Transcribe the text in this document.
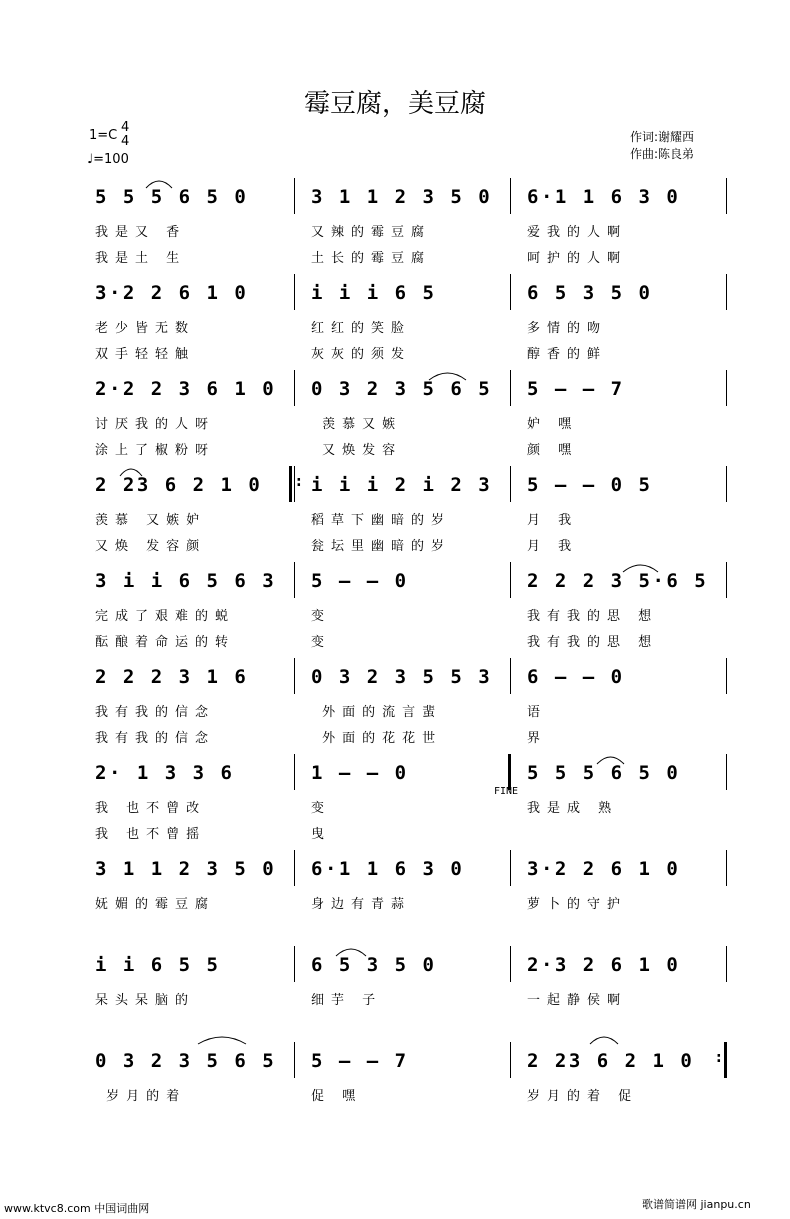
霉豆腐，美豆腐
1=C
4
4
♩=100
作词:谢耀西
作曲:陈良弟
5 5 5 6 5 0
我是又 香
我是土 生
3 1 1 2 3 5 0
又辣的霉豆腐
土长的霉豆腐
6·1 1 6 3 0
爱我的人啊
呵护的人啊
3·2 2 6 1 0
老少皆无数
双手轻轻触
i i i 6 5
红红的笑脸
灰灰的须发
6 5 3 5 0
多情的吻
醇香的鲜
2·2 2 3 6 1 0
讨厌我的人呀
涂上了椒粉呀
0 3 2 3 5 6 5
羡慕又嫉
又焕发容
5 – – 7
妒 嘿
颜 嘿
2 23 6 2 1 0
羡慕 又嫉妒
又焕 发容颜
i i i 2 i 2 3
稻草下幽暗的岁
瓮坛里幽暗的岁
5 – – 0 5
月 我
月 我
3 i i 6 5 6 3
完成了艰难的蜕
酝酿着命运的转
5 – – 0
变
变
2 2 2 3 5·6 5
我有我的思 想
我有我的思 想
2 2 2 3 1 6
我有我的信念
我有我的信念
0 3 2 3 5 5 3
外面的流言蜚
外面的花花世
6 – – 0
语
界
2· 1 3 3 6
我 也不曾改
我 也不曾摇
1 – – 0
变
曳
5 5 5 6 5 0
我是成 熟
3 1 1 2 3 5 0
妩媚的霉豆腐
6·1 1 6 3 0
身边有青蒜
3·2 2 6 1 0
萝卜的守护
i i 6 5 5
呆头呆脑的
6 5 3 5 0
细芋 子
2·3 2 6 1 0
一起静侯啊
0 3 2 3 5 6 5
岁月的着
5 – – 7
促 嘿
2 23 6 2 1 0
岁月的着 促
:
FINE
:
www.ktvc8.com 中国词曲网	歌谱简谱网 jianpu.cn
